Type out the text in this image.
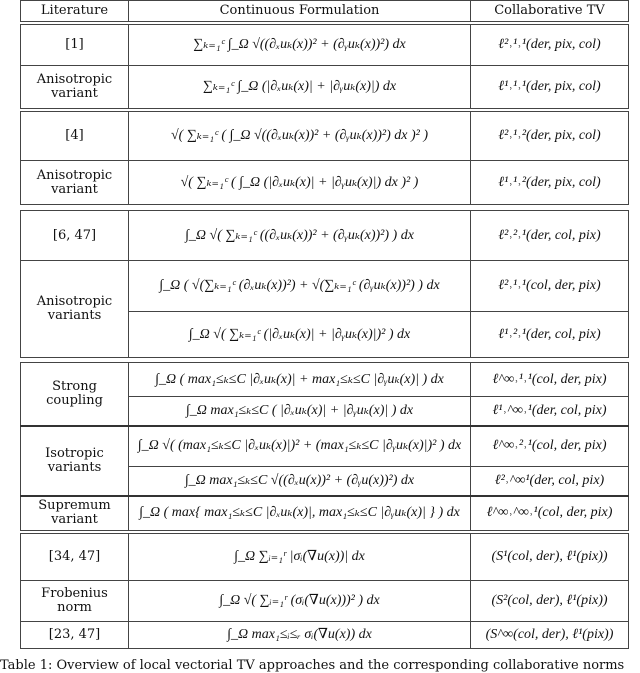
Literature	Continuous Formulation	Collaborative TV
[1]	∑ₖ₌₁ᶜ ∫_Ω √((∂ₓuₖ(x))² + (∂ᵧuₖ(x))²) dx	ℓ²˒¹˒¹(der, pix, col)
Anisotropic variant	∑ₖ₌₁ᶜ ∫_Ω (|∂ₓuₖ(x)| + |∂ᵧuₖ(x)|) dx	ℓ¹˒¹˒¹(der, pix, col)
[4]	√( ∑ₖ₌₁ᶜ ( ∫_Ω √((∂ₓuₖ(x))² + (∂ᵧuₖ(x))²) dx )² )	ℓ²˒¹˒²(der, pix, col)
Anisotropic variant	√( ∑ₖ₌₁ᶜ ( ∫_Ω (|∂ₓuₖ(x)| + |∂ᵧuₖ(x)|) dx )² )	ℓ¹˒¹˒²(der, pix, col)
[6, 47]	∫_Ω √( ∑ₖ₌₁ᶜ ((∂ₓuₖ(x))² + (∂ᵧuₖ(x))²) ) dx	ℓ²˒²˒¹(der, col, pix)
Anisotropic variants	∫_Ω ( √(∑ₖ₌₁ᶜ (∂ₓuₖ(x))²) + √(∑ₖ₌₁ᶜ (∂ᵧuₖ(x))²) ) dx	ℓ²˒¹˒¹(col, der, pix)
	∫_Ω √( ∑ₖ₌₁ᶜ (|∂ₓuₖ(x)| + |∂ᵧuₖ(x)|)² ) dx	ℓ¹˒²˒¹(der, col, pix)
Strong coupling	∫_Ω ( max₁≤ₖ≤C |∂ₓuₖ(x)| + max₁≤ₖ≤C |∂ᵧuₖ(x)| ) dx	ℓ^∞˒¹˒¹(col, der, pix)
	∫_Ω max₁≤ₖ≤C ( |∂ₓuₖ(x)| + |∂ᵧuₖ(x)| ) dx	ℓ¹˒^∞˒¹(der, col, pix)
Isotropic variants	∫_Ω √( (max₁≤ₖ≤C |∂ₓuₖ(x)|)² + (max₁≤ₖ≤C |∂ᵧuₖ(x)|)² ) dx	ℓ^∞˒²˒¹(col, der, pix)
	∫_Ω max₁≤ₖ≤C √((∂ₓu(x))² + (∂ᵧu(x))²) dx	ℓ²˒^∞¹(der, col, pix)
Supremum variant	∫_Ω ( max{ max₁≤ₖ≤C |∂ₓuₖ(x)|, max₁≤ₖ≤C |∂ᵧuₖ(x)| } ) dx	ℓ^∞˒^∞˒¹(col, der, pix)
[34, 47]	∫_Ω ∑ᵢ₌₁ʳ |σᵢ(∇u(x))| dx	(S¹(col, der), ℓ¹(pix))
Frobenius norm	∫_Ω √( ∑ᵢ₌₁ʳ (σᵢ(∇u(x)))² ) dx	(S²(col, der), ℓ¹(pix))
[23, 47]	∫_Ω max₁≤ᵢ≤ᵣ σᵢ(∇u(x)) dx	(S^∞(col, der), ℓ¹(pix))
Table 1: Overview of local vectorial TV approaches and the corresponding collaborative norms
